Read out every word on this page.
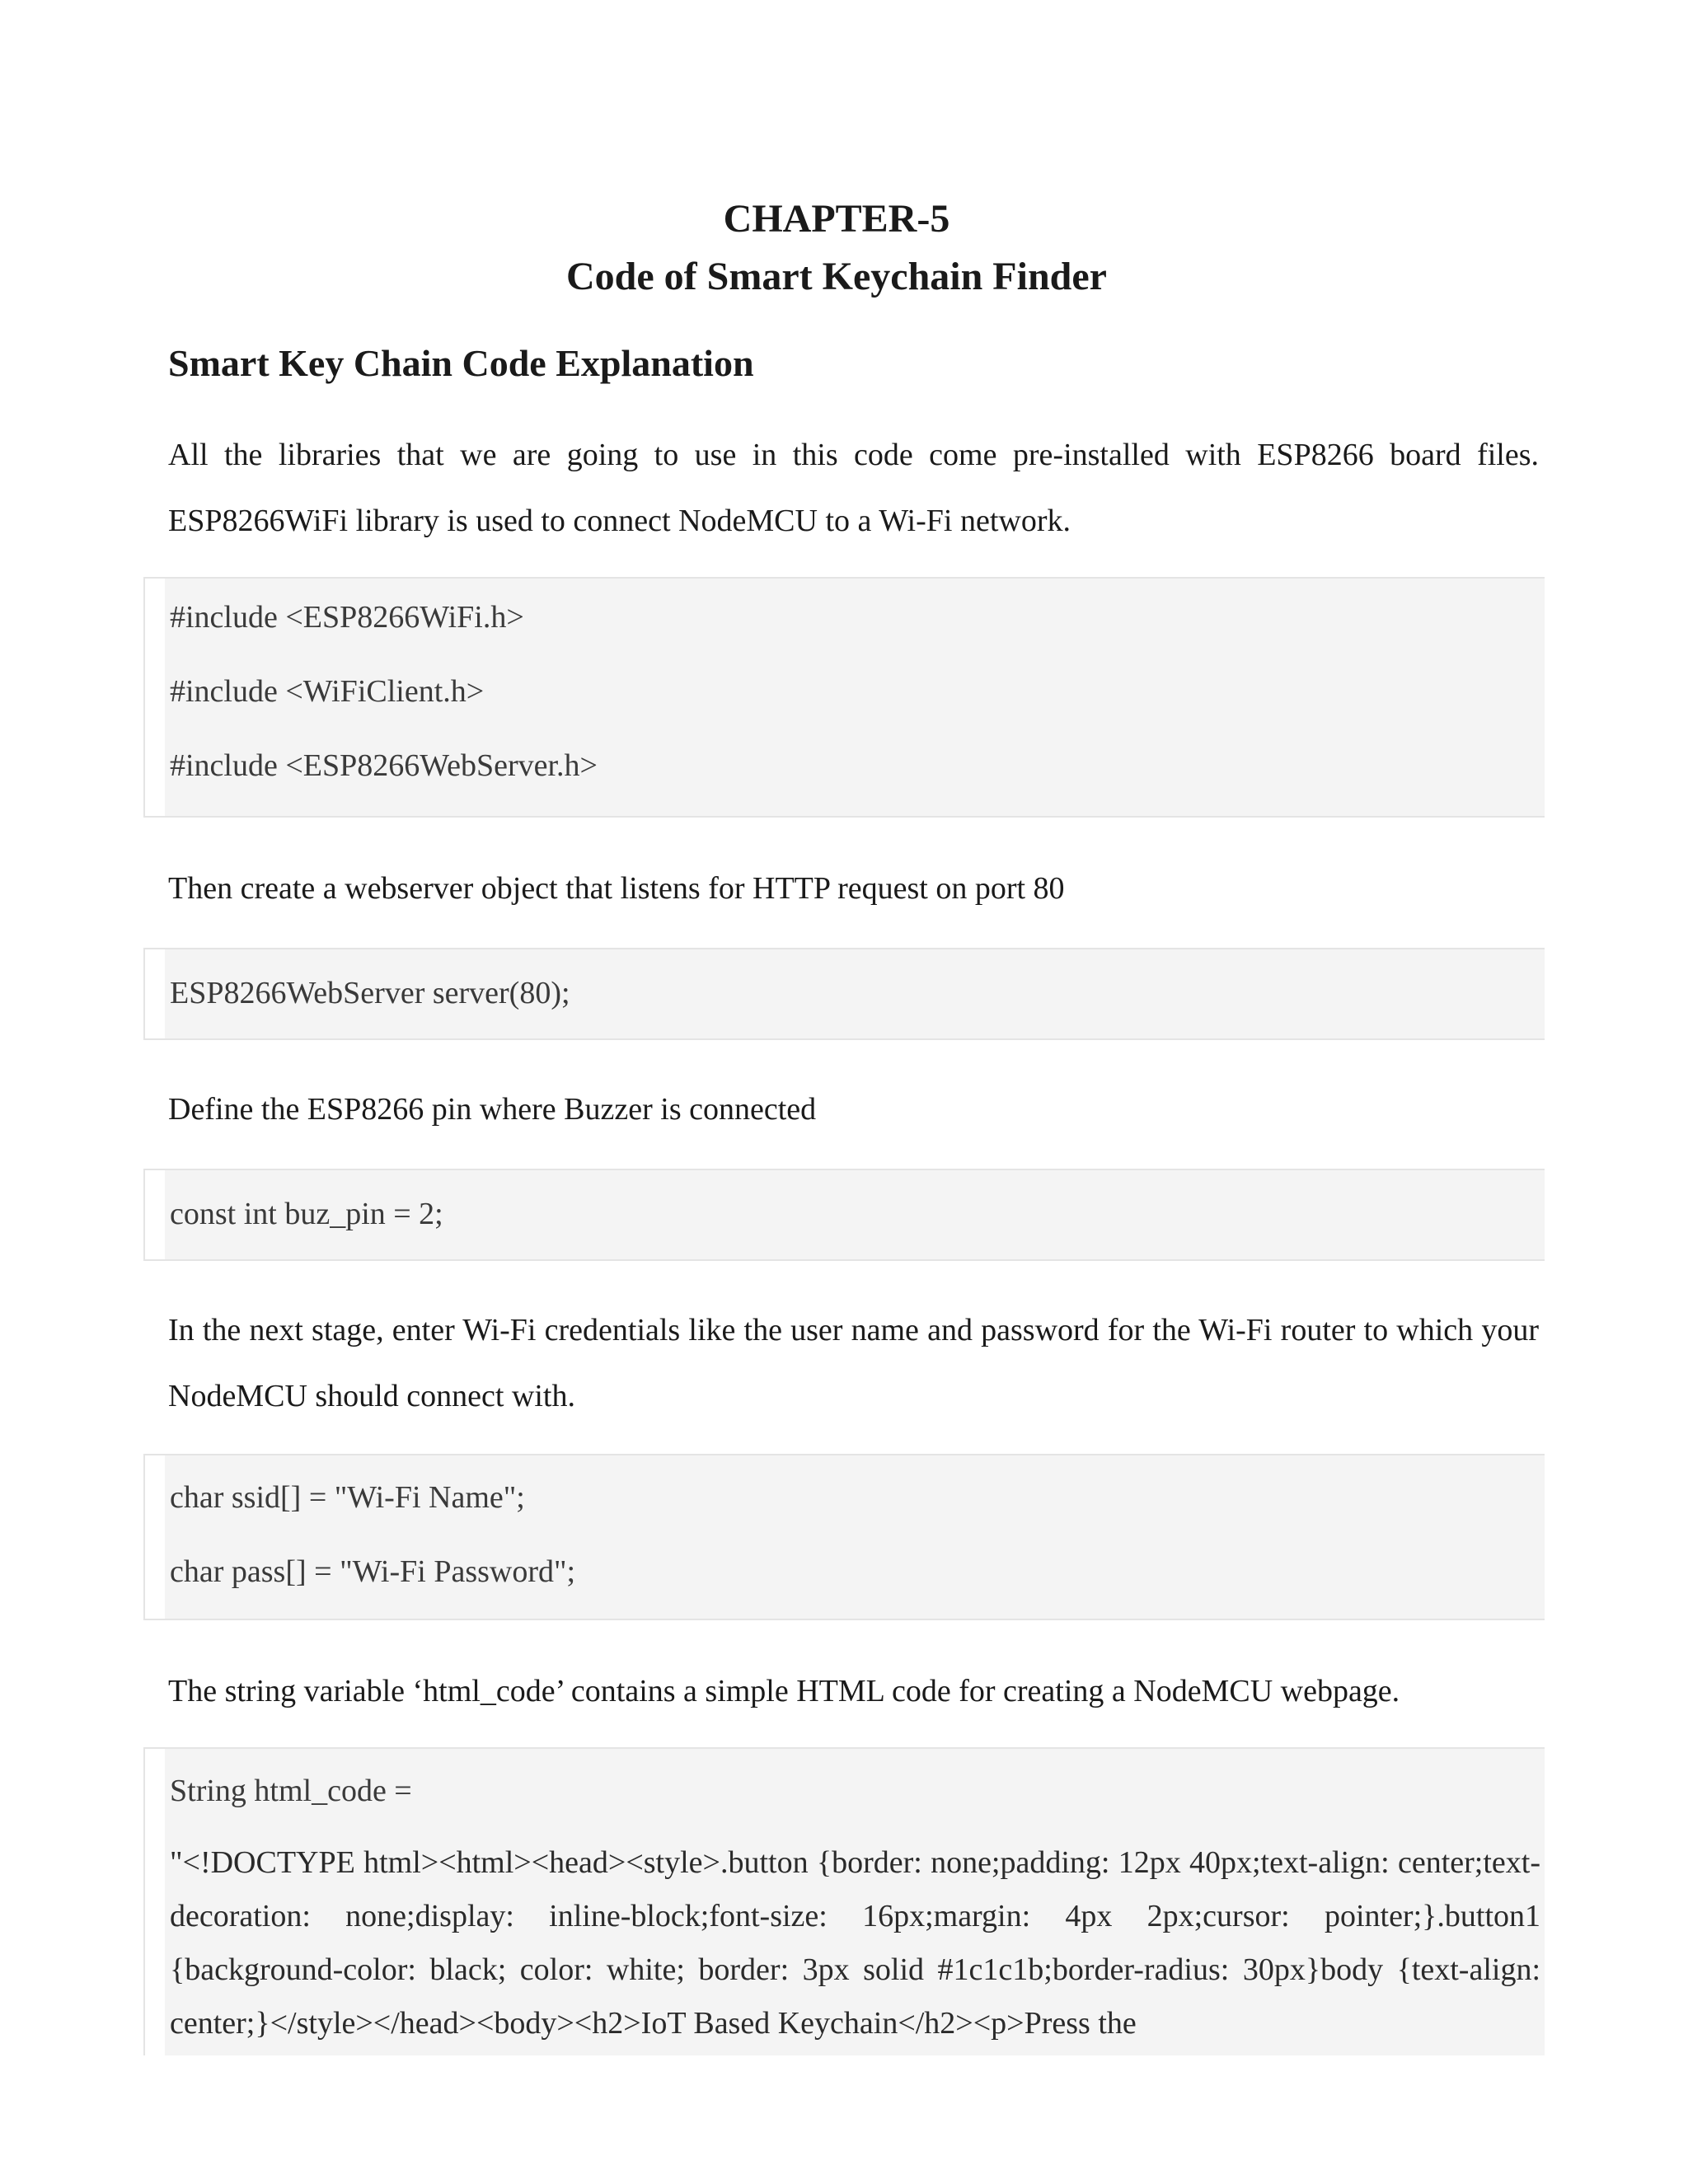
CHAPTER-5
Code of Smart Keychain Finder
Smart Key Chain Code Explanation

All the libraries that we are going to use in this code come pre-installed with ESP8266 board files. ESP8266WiFi library is used to connect NodeMCU to a Wi-Fi network.

#include <ESP8266WiFi.h>

#include <WiFiClient.h>

#include <ESP8266WebServer.h>

Then create a webserver object that listens for HTTP request on port 80

ESP8266WebServer server(80);

Define the ESP8266 pin where Buzzer is connected

const int buz_pin = 2;

In the next stage, enter Wi-Fi credentials like the user name and password for the Wi-Fi router to which your NodeMCU should connect with.

char ssid[] = "Wi-Fi Name";

char pass[] = "Wi-Fi Password";

The string variable ‘html_code’ contains a simple HTML code for creating a NodeMCU webpage.

String html_code =

"<!DOCTYPE html><html><head><style>.button {border: none;padding: 12px 40px;text-align: center;text-decoration: none;display: inline-block;font-size: 16px;margin: 4px 2px;cursor: pointer;}.button1 {background-color: black; color: white; border: 3px solid #1c1c1b;border-radius: 30px}body {text-align: center;}</style></head><body><h2>IoT Based Keychain</h2><p>Press the
